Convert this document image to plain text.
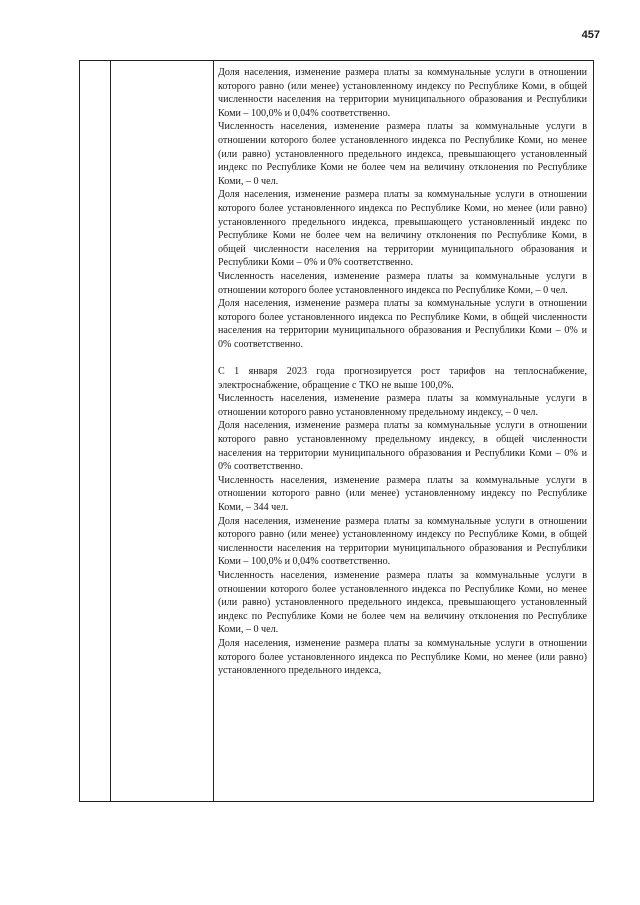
457

Доля населения, изменение размера платы за коммунальные услуги в отношении которого равно (или менее) установленному индексу по Республике Коми, в общей численности населения на территории муниципального образования и Республики Коми – 100,0% и 0,04% соответственно.

Численность населения, изменение размера платы за коммунальные услуги в отношении которого более установленного индекса по Республике Коми, но менее (или равно) установленного предельного индекса, превышающего установленный индекс по Республике Коми не более чем на величину отклонения по Республике Коми, – 0 чел.

Доля населения, изменение размера платы за коммунальные услуги в отношении которого более установленного индекса по Республике Коми, но менее (или равно) установленного предельного индекса, превышающего установленный индекс по Республике Коми не более чем на величину отклонения по Республике Коми, в общей численности населения на территории муниципального образования и Республики Коми – 0% и 0% соответственно.

Численность населения, изменение размера платы за коммунальные услуги в отношении которого более установленного индекса по Республике Коми, – 0 чел.

Доля населения, изменение размера платы за коммунальные услуги в отношении которого более установленного индекса по Республике Коми, в общей численности населения на территории муниципального образования и Республики Коми – 0% и 0% соответственно.

С 1 января 2023 года прогнозируется рост тарифов на теплоснабжение, электроснабжение, обращение с ТКО не выше 100,0%.

Численность населения, изменение размера платы за коммунальные услуги в отношении которого равно установленному предельному индексу, – 0 чел.

Доля населения, изменение размера платы за коммунальные услуги в отношении которого равно установленному предельному индексу, в общей численности населения на территории муниципального образования и Республики Коми – 0% и 0% соответственно.

Численность населения, изменение размера платы за коммунальные услуги в отношении которого равно (или менее) установленному индексу по Республике Коми, – 344 чел.

Доля населения, изменение размера платы за коммунальные услуги в отношении которого равно (или менее) установленному индексу по Республике Коми, в общей численности населения на территории муниципального образования и Республики Коми – 100,0% и 0,04% соответственно.

Численность населения, изменение размера платы за коммунальные услуги в отношении которого более установленного индекса по Республике Коми, но менее (или равно) установленного предельного индекса, превышающего установленный индекс по Республике Коми не более чем на величину отклонения по Республике Коми, – 0 чел.

Доля населения, изменение размера платы за коммунальные услуги в отношении которого более установленного индекса по Республике Коми, но менее (или равно) установленного предельного индекса,
